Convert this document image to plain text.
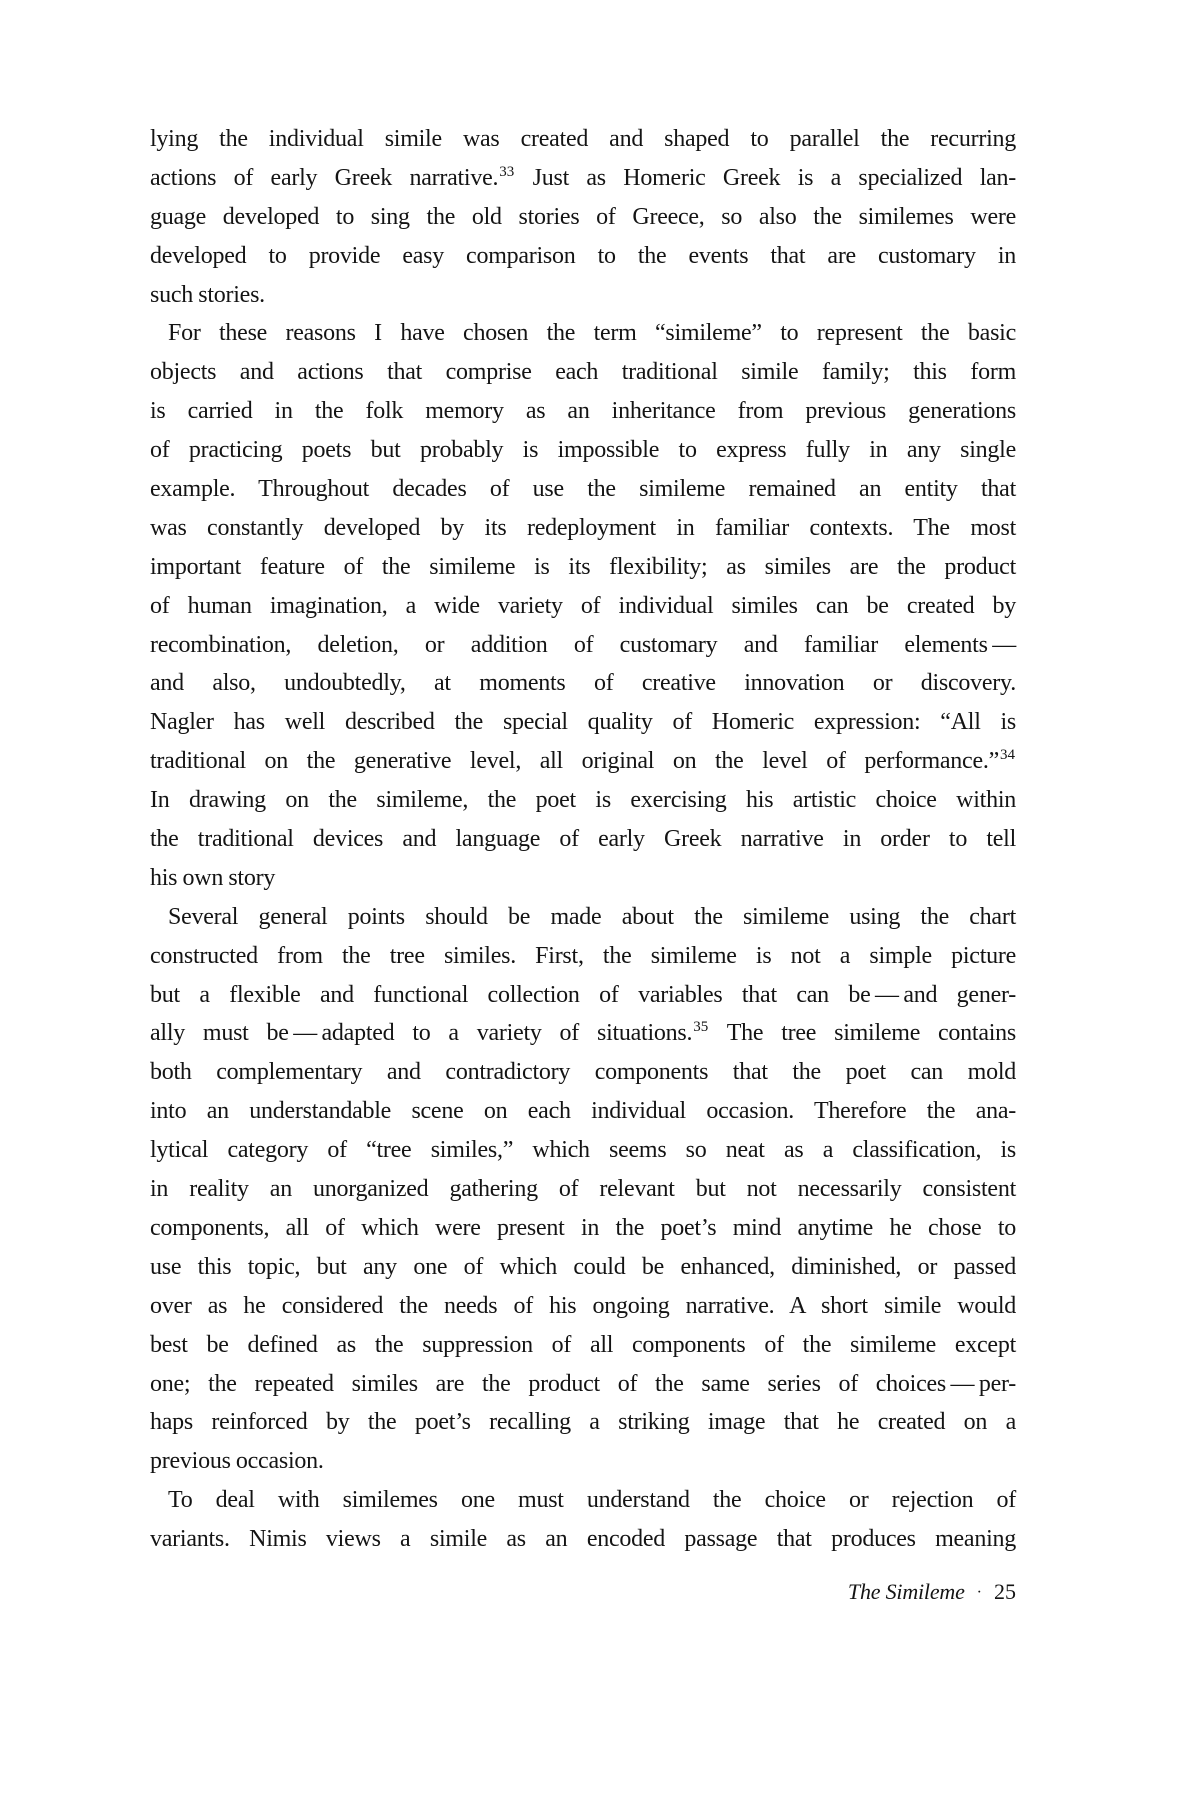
lying the individual simile was created and shaped to parallel the recurring
actions of early Greek narrative.$^{33}$ Just as Homeric Greek is a specialized lan-
guage developed to sing the old stories of Greece, so also the similemes were
developed to provide easy comparison to the events that are customary in
such stories.
For these reasons I have chosen the term “simileme” to represent the basic
objects and actions that comprise each traditional simile family; this form
is carried in the folk memory as an inheritance from previous generations
of practicing poets but probably is impossible to express fully in any single
example. Throughout decades of use the simileme remained an entity that
was constantly developed by its redeployment in familiar contexts. The most
important feature of the simileme is its flexibility; as similes are the product
of human imagination, a wide variety of individual similes can be created by
recombination, deletion, or addition of customary and familiar elements —
and also, undoubtedly, at moments of creative innovation or discovery.
Nagler has well described the special quality of Homeric expression: “All is
traditional on the generative level, all original on the level of performance.”$^{34}$
In drawing on the simileme, the poet is exercising his artistic choice within
the traditional devices and language of early Greek narrative in order to tell
his own story
Several general points should be made about the simileme using the chart
constructed from the tree similes. First, the simileme is not a simple picture
but a flexible and functional collection of variables that can be — and gener-
ally must be — adapted to a variety of situations.$^{35}$ The tree simileme contains
both complementary and contradictory components that the poet can mold
into an understandable scene on each individual occasion. Therefore the ana-
lytical category of “tree similes,” which seems so neat as a classification, is
in reality an unorganized gathering of relevant but not necessarily consistent
components, all of which were present in the poet’s mind anytime he chose to
use this topic, but any one of which could be enhanced, diminished, or passed
over as he considered the needs of his ongoing narrative. A short simile would
best be defined as the suppression of all components of the simileme except
one; the repeated similes are the product of the same series of choices — per-
haps reinforced by the poet’s recalling a striking image that he created on a
previous occasion.
To deal with similemes one must understand the choice or rejection of
variants. Nimis views a simile as an encoded passage that produces meaning
The Simileme · 25
